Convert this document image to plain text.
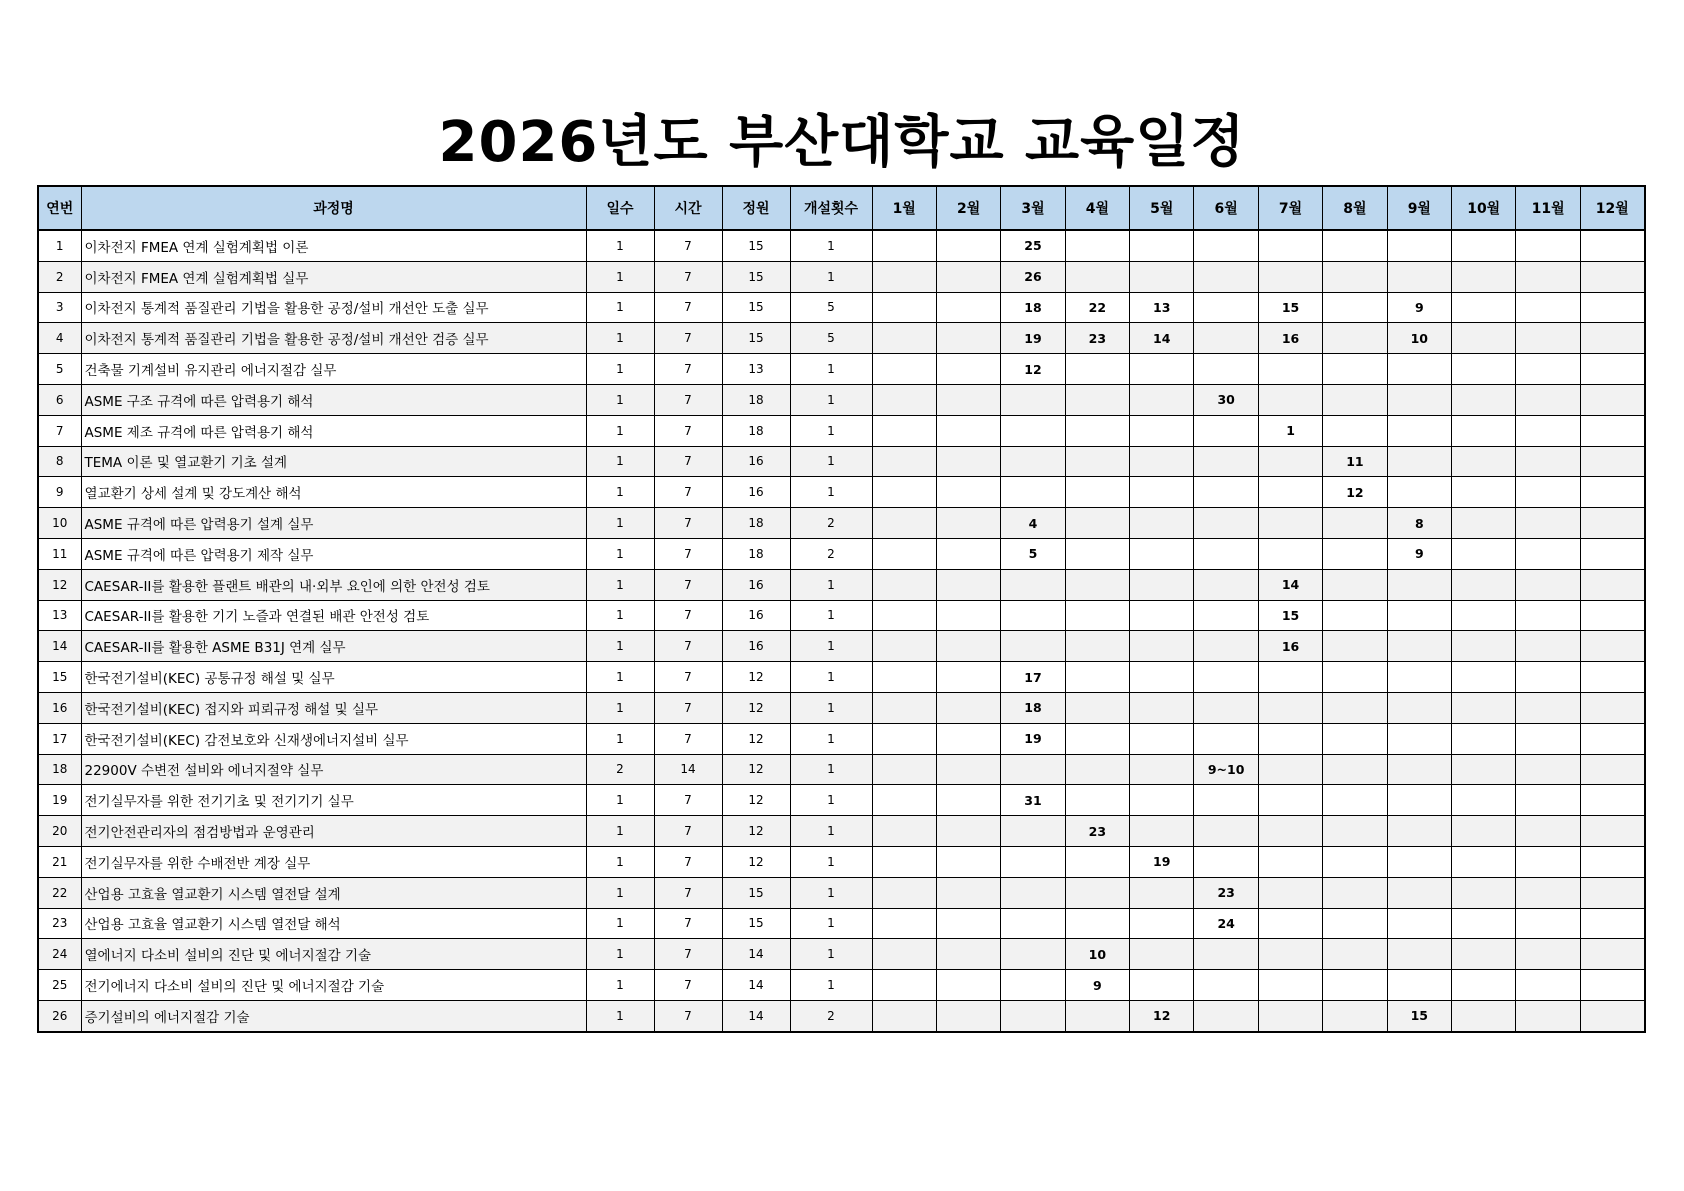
2026년도 부산대학교 교육일정
연번	과정명	일수	시간	정원	개설횟수	1월	2월	3월	4월	5월	6월	7월	8월	9월	10월	11월	12월
1	이차전지 FMEA 연계 실험계획법 이론	1	7	15	1			25									
2	이차전지 FMEA 연계 실험계획법 실무	1	7	15	1			26									
3	이차전지 통계적 품질관리 기법을 활용한 공정/설비 개선안 도출 실무	1	7	15	5			18	22	13		15		9			
4	이차전지 통계적 품질관리 기법을 활용한 공정/설비 개선안 검증 실무	1	7	15	5			19	23	14		16		10			
5	건축물 기계설비 유지관리 에너지절감 실무	1	7	13	1			12									
6	ASME 구조 규격에 따른 압력용기 해석	1	7	18	1						30						
7	ASME 제조 규격에 따른 압력용기 해석	1	7	18	1							1					
8	TEMA 이론 및 열교환기 기초 설계	1	7	16	1								11				
9	열교환기 상세 설계 및 강도계산 해석	1	7	16	1								12				
10	ASME 규격에 따른 압력용기 설계 실무	1	7	18	2			4						8			
11	ASME 규격에 따른 압력용기 제작 실무	1	7	18	2			5						9			
12	CAESAR-II를 활용한 플랜트 배관의 내·외부 요인에 의한 안전성 검토	1	7	16	1							14					
13	CAESAR-II를 활용한 기기 노즐과 연결된 배관 안전성 검토	1	7	16	1							15					
14	CAESAR-II를 활용한 ASME B31J 연계 실무	1	7	16	1							16					
15	한국전기설비(KEC) 공통규정 해설 및 실무	1	7	12	1			17									
16	한국전기설비(KEC) 접지와 피뢰규정 해설 및 실무	1	7	12	1			18									
17	한국전기설비(KEC) 감전보호와 신재생에너지설비 실무	1	7	12	1			19									
18	22900V 수변전 설비와 에너지절약 실무	2	14	12	1						9~10						
19	전기실무자를 위한 전기기초 및 전기기기 실무	1	7	12	1			31									
20	전기안전관리자의 점검방법과 운영관리	1	7	12	1				23								
21	전기실무자를 위한 수배전반 계장 실무	1	7	12	1					19							
22	산업용 고효율 열교환기 시스템 열전달 설계	1	7	15	1						23						
23	산업용 고효율 열교환기 시스템 열전달 해석	1	7	15	1						24						
24	열에너지 다소비 설비의 진단 및 에너지절감 기술	1	7	14	1				10								
25	전기에너지 다소비 설비의 진단 및 에너지절감 기술	1	7	14	1				9								
26	증기설비의 에너지절감 기술	1	7	14	2					12				15			
